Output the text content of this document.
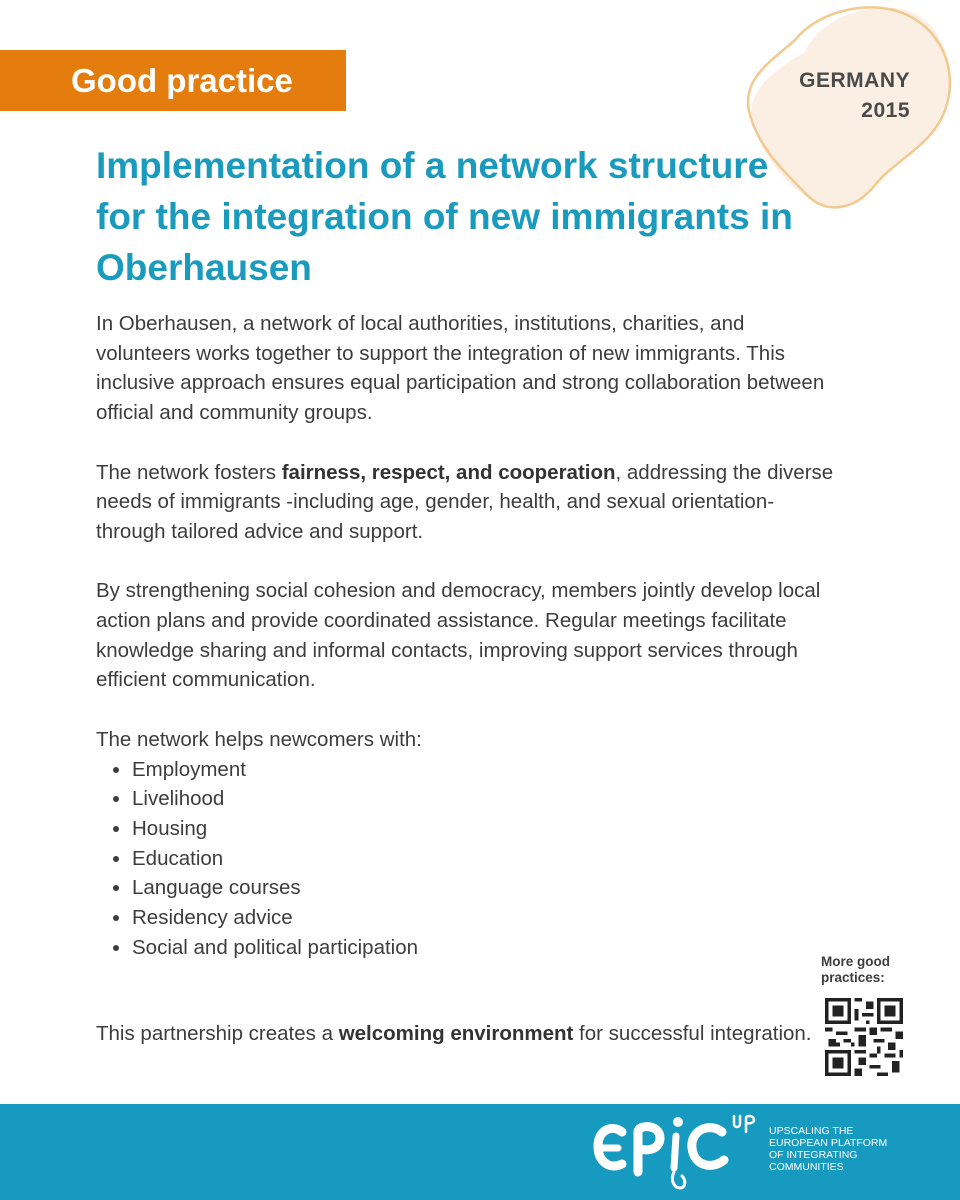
Good practice	GERMANY
2015
Implementation of a network structure for the integration of new immigrants in Oberhausen

In Oberhausen, a network of local authorities, institutions, charities, and volunteers works together to support the integration of new immigrants. This inclusive approach ensures equal participation and strong collaboration between official and community groups.

The network fosters fairness, respect, and cooperation, addressing the diverse needs of immigrants -including age, gender, health, and sexual orientation- through tailored advice and support.

By strengthening social cohesion and democracy, members jointly develop local action plans and provide coordinated assistance. Regular meetings facilitate knowledge sharing and informal contacts, improving support services through efficient communication.

The network helps newcomers with:
• Employment
• Livelihood
• Housing
• Education
• Language courses
• Residency advice
• Social and political participation
This partnership creates a welcoming environment for successful integration.
More good practices:
UPSCALING THE
EUROPEAN PLATFORM
OF INTEGRATING
COMMUNITIES
